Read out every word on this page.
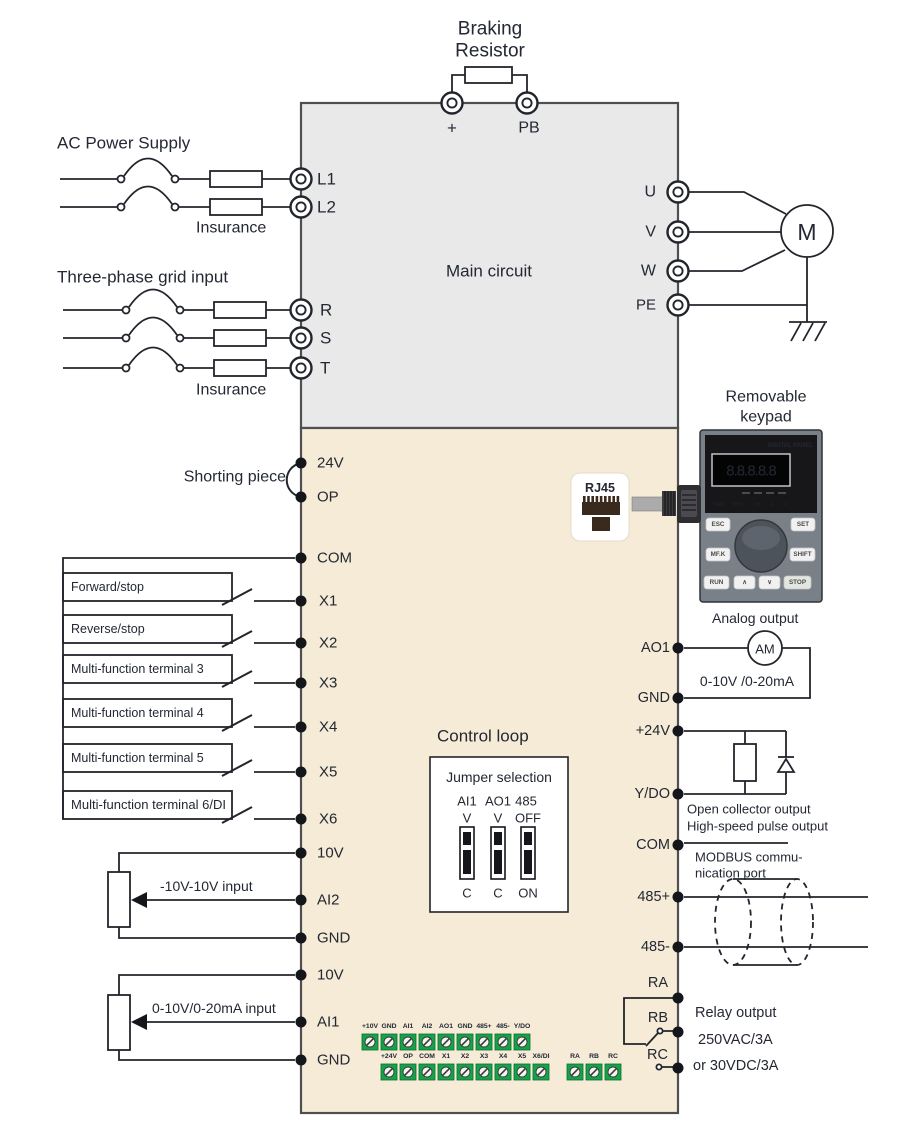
Main circuit
Braking
Resistor
+	PB
AC Power Supply
L1
L2
Insurance
Three-phase grid input
R
S
T
Insurance
U
V
W
PE
M
Removable
keypad
DIGITAL PANEL
8.8.8.8.8
FWD REV Hz A V
ESC	SET
MF.K	SHIFT
RUN	∧	∨	STOP
RJ45
Shorting piece
24V
OP
COM
Forward/stop
X1
Reverse/stop
X2
Multi-function terminal 3
X3
Multi-function terminal 4
X4
Multi-function terminal 5
X5
Multi-function terminal 6/DI
X6
-10V-10V input
10V
AI2
GND
0-10V/0-20mA input
10V
AI1
GND
Control loop
Jumper selection
AI1 AO1 485
V V OFF
C C ON
Analog output
AM
0-10V /0-20mA
AO1
GND
+24V
Y/DO
Open collector output
High-speed pulse output
COM
MODBUS commu-
nication port
485+
485-
RA
RB
RC
Relay output
250VAC/3A
or 30VDC/3A
+10V GND AI1 AI2 AO1 GND 485+ 485- Y/DO
+24V OP COM X1 X2 X3 X4 X5 X6/DI	RA RB RC
